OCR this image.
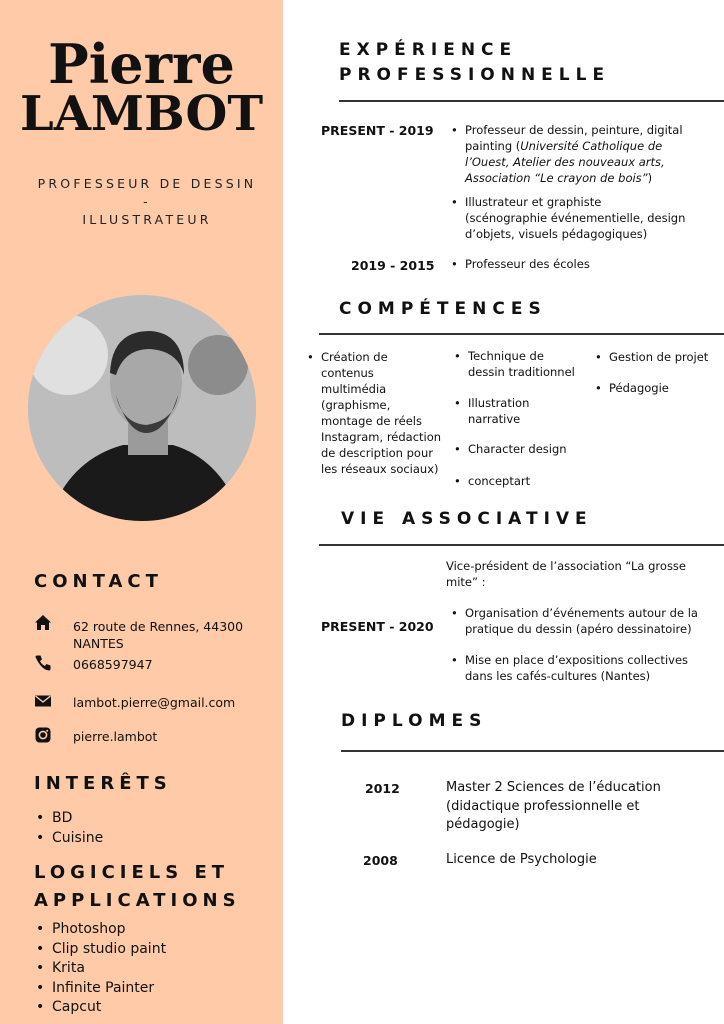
Pierre
LAMBOT
PROFESSEUR DE DESSIN
-
ILLUSTRATEUR
CONTACT
62 route de Rennes, 44300
NANTES
0668597947
lambot.pierre@gmail.com
pierre.lambot
INTERÊTS
• BD
• Cuisine
LOGICIELS ET
APPLICATIONS
• Photoshop
• Clip studio paint
• Krita
• Infinite Painter
• Capcut
EXPÉRIENCE
PROFESSIONNELLE
PRESENT - 2019	• Professeur de dessin, peinture, digital
painting (Université Catholique de
l’Ouest, Atelier des nouveaux arts,
Association “Le crayon de bois”)
• Illustrateur et graphiste
(scénographie événementielle, design
d’objets, visuels pédagogiques)
2019 - 2015	• Professeur des écoles
COMPÉTENCES
• Création de
contenus
multimédia
(graphisme,
montage de réels
Instagram, rédaction
de description pour
les réseaux sociaux)
• Technique de
dessin traditionnel
• Illustration
narrative
• Character design
• conceptart
• Gestion de projet
• Pédagogie
VIE ASSOCIATIVE
Vice-président de l’association “La grosse
mite” :
PRESENT - 2020
• Organisation d’événements autour de la
pratique du dessin (apéro dessinatoire)
• Mise en place d’expositions collectives
dans les cafés-cultures (Nantes)
DIPLOMES
2012	Master 2 Sciences de l’éducation
(didactique professionnelle et
pédagogie)
2008	Licence de Psychologie
